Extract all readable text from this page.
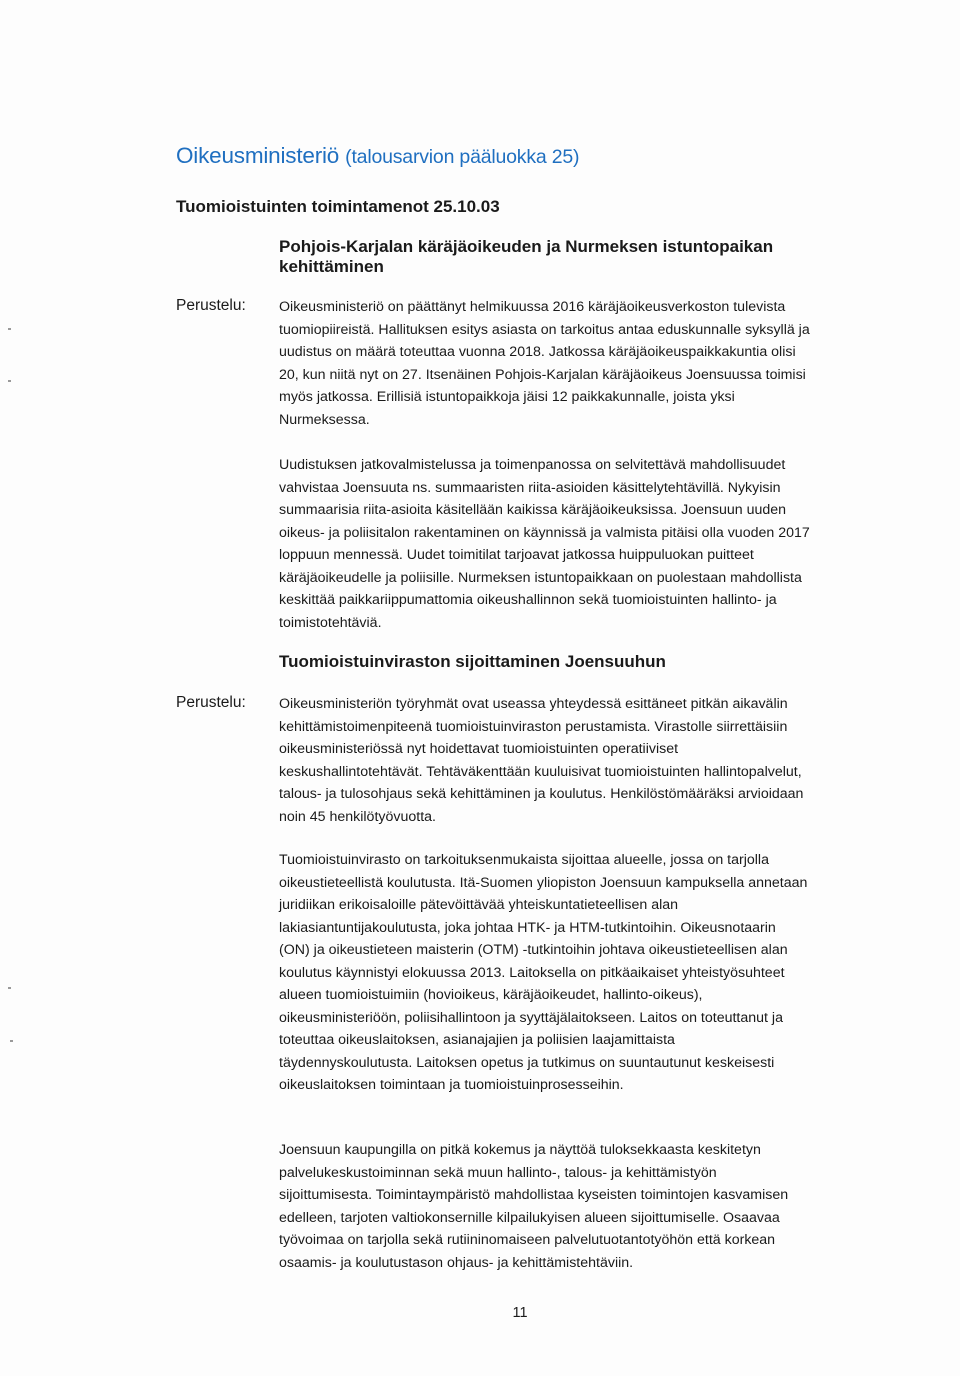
Oikeusministeriö (talousarvion pääluokka 25)
Tuomioistuinten toimintamenot 25.10.03
Pohjois-Karjalan käräjäoikeuden ja Nurmeksen istuntopaikan
kehittäminen
Perustelu: Oikeusministeriö on päättänyt helmikuussa 2016 käräjäoikeusverkoston tulevista
tuomiopiireistä. Hallituksen esitys asiasta on tarkoitus antaa eduskunnalle syksyllä ja
uudistus on määrä toteuttaa vuonna 2018. Jatkossa käräjäoikeuspaikkakuntia olisi
20, kun niitä nyt on 27. Itsenäinen Pohjois-Karjalan käräjäoikeus Joensuussa toimisi
myös jatkossa. Erillisiä istuntopaikkoja jäisi 12 paikkakunnalle, joista yksi
Nurmeksessa.
Uudistuksen jatkovalmistelussa ja toimenpanossa on selvitettävä mahdollisuudet
vahvistaa Joensuuta ns. summaaristen riita-asioiden käsittelytehtävillä. Nykyisin
summaarisia riita-asioita käsitellään kaikissa käräjäoikeuksissa. Joensuun uuden
oikeus- ja poliisitalon rakentaminen on käynnissä ja valmista pitäisi olla vuoden 2017
loppuun mennessä. Uudet toimitilat tarjoavat jatkossa huippuluokan puitteet
käräjäoikeudelle ja poliisille. Nurmeksen istuntopaikkaan on puolestaan mahdollista
keskittää paikkariippumattomia oikeushallinnon sekä tuomioistuinten hallinto- ja
toimistotehtäviä.
Tuomioistuinviraston sijoittaminen Joensuuhun
Perustelu: Oikeusministeriön työryhmät ovat useassa yhteydessä esittäneet pitkän aikavälin
kehittämistoimenpiteenä tuomioistuinviraston perustamista. Virastolle siirrettäisiin
oikeusministeriössä nyt hoidettavat tuomioistuinten operatiiviset
keskushallintotehtävät. Tehtäväkenttään kuuluisivat tuomioistuinten hallintopalvelut,
talous- ja tulosohjaus sekä kehittäminen ja koulutus. Henkilöstömääräksi arvioidaan
noin 45 henkilötyövuotta.
Tuomioistuinvirasto on tarkoituksenmukaista sijoittaa alueelle, jossa on tarjolla
oikeustieteellistä koulutusta. Itä-Suomen yliopiston Joensuun kampuksella annetaan
juridiikan erikoisaloille pätevöittävää yhteiskuntatieteellisen alan
lakiasiantuntijakoulutusta, joka johtaa HTK- ja HTM-tutkintoihin. Oikeusnotaarin
(ON) ja oikeustieteen maisterin (OTM) -tutkintoihin johtava oikeustieteellisen alan
koulutus käynnistyi elokuussa 2013. Laitoksella on pitkäaikaiset yhteistyösuhteet
alueen tuomioistuimiin (hovioikeus, käräjäoikeudet, hallinto-oikeus),
oikeusministeriöön, poliisihallintoon ja syyttäjälaitokseen. Laitos on toteuttanut ja
toteuttaa oikeuslaitoksen, asianajajien ja poliisien laajamittaista
täydennyskoulutusta. Laitoksen opetus ja tutkimus on suuntautunut keskeisesti
oikeuslaitoksen toimintaan ja tuomioistuinprosesseihin.
Joensuun kaupungilla on pitkä kokemus ja näyttöä tuloksekkaasta keskitetyn
palvelukeskustoiminnan sekä muun hallinto-, talous- ja kehittämistyön
sijoittumisesta. Toimintaympäristö mahdollistaa kyseisten toimintojen kasvamisen
edelleen, tarjoten valtiokonsernille kilpailukyisen alueen sijoittumiselle. Osaavaa
työvoimaa on tarjolla sekä rutiininomaiseen palvelutuotantotyöhön että korkean
osaamis- ja koulutustason ohjaus- ja kehittämistehtäviin.
11
